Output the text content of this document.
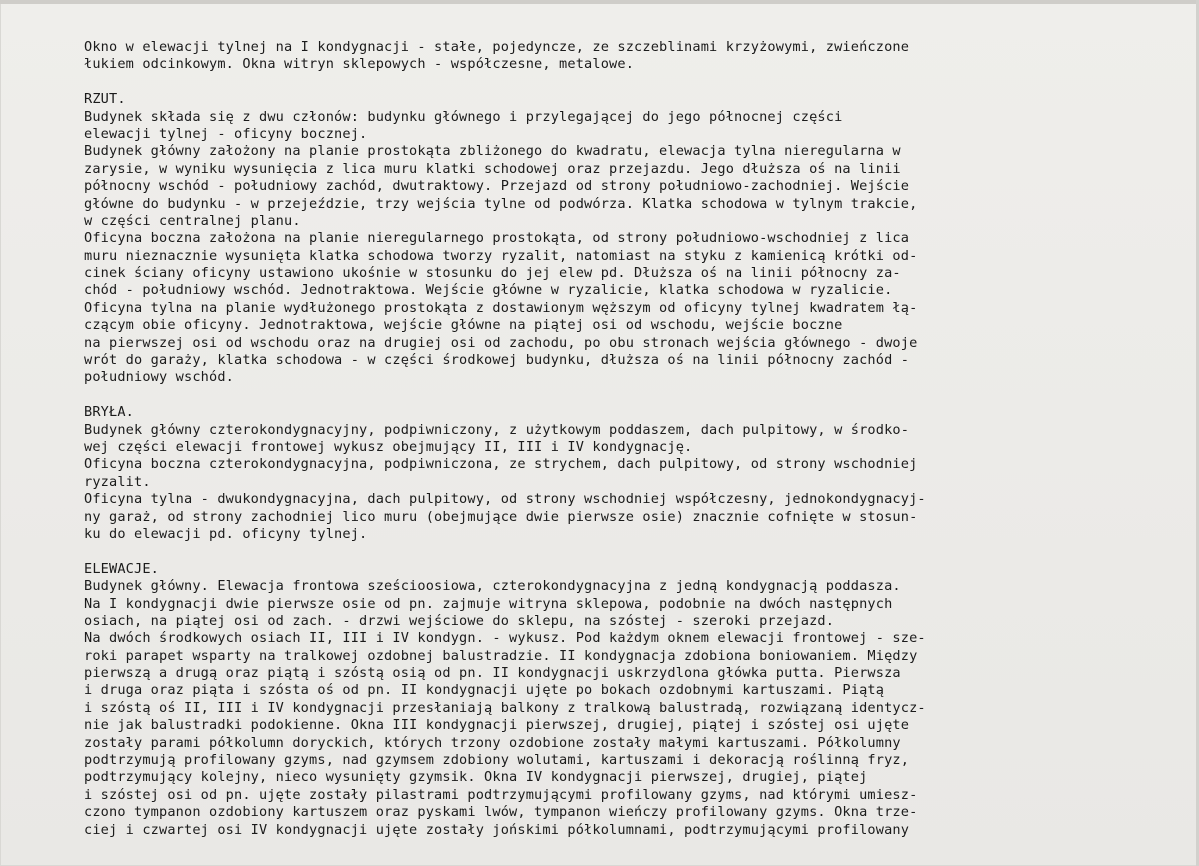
Okno w elewacji tylnej na I kondygnacji - stałe, pojedyncze, ze szczeblinami krzyżowymi, zwieńczone
łukiem odcinkowym. Okna witryn sklepowych - współczesne, metalowe.
RZUT.
Budynek składa się z dwu członów: budynku głównego i przylegającej do jego północnej części
elewacji tylnej - oficyny bocznej.
Budynek główny założony na planie prostokąta zbliżonego do kwadratu, elewacja tylna nieregularna w
zarysie, w wyniku wysunięcia z lica muru klatki schodowej oraz przejazdu. Jego dłuższa oś na linii
północny wschód - południowy zachód, dwutraktowy. Przejazd od strony południowo-zachodniej. Wejście
główne do budynku - w przejeździe, trzy wejścia tylne od podwórza. Klatka schodowa w tylnym trakcie,
w części centralnej planu.
Oficyna boczna założona na planie nieregularnego prostokąta, od strony południowo-wschodniej z lica
muru nieznacznie wysunięta klatka schodowa tworzy ryzalit, natomiast na styku z kamienicą krótki od-
cinek ściany oficyny ustawiono ukośnie w stosunku do jej elew pd. Dłuższa oś na linii północny za-
chód - południowy wschód. Jednotraktowa. Wejście główne w ryzalicie, klatka schodowa w ryzalicie.
Oficyna tylna na planie wydłużonego prostokąta z dostawionym węższym od oficyny tylnej kwadratem łą-
czącym obie oficyny. Jednotraktowa, wejście główne na piątej osi od wschodu, wejście boczne
na pierwszej osi od wschodu oraz na drugiej osi od zachodu, po obu stronach wejścia głównego - dwoje
wrót do garaży, klatka schodowa - w części środkowej budynku, dłuższa oś na linii północny zachód -
południowy wschód.
BRYŁA.
Budynek główny czterokondygnacyjny, podpiwniczony, z użytkowym poddaszem, dach pulpitowy, w środko-
wej części elewacji frontowej wykusz obejmujący II, III i IV kondygnację.
Oficyna boczna czterokondygnacyjna, podpiwniczona, ze strychem, dach pulpitowy, od strony wschodniej
ryzalit.
Oficyna tylna - dwukondygnacyjna, dach pulpitowy, od strony wschodniej współczesny, jednokondygnacyj-
ny garaż, od strony zachodniej lico muru (obejmujące dwie pierwsze osie) znacznie cofnięte w stosun-
ku do elewacji pd. oficyny tylnej.
ELEWACJE.
Budynek główny. Elewacja frontowa sześcioosiowa, czterokondygnacyjna z jedną kondygnacją poddasza.
Na I kondygnacji dwie pierwsze osie od pn. zajmuje witryna sklepowa, podobnie na dwóch następnych
osiach, na piątej osi od zach. - drzwi wejściowe do sklepu, na szóstej - szeroki przejazd.
Na dwóch środkowych osiach II, III i IV kondygn. - wykusz. Pod każdym oknem elewacji frontowej - sze-
roki parapet wsparty na tralkowej ozdobnej balustradzie. II kondygnacja zdobiona boniowaniem. Między
pierwszą a drugą oraz piątą i szóstą osią od pn. II kondygnacji uskrzydlona główka putta. Pierwsza
i druga oraz piąta i szósta oś od pn. II kondygnacji ujęte po bokach ozdobnymi kartuszami. Piątą
i szóstą oś II, III i IV kondygnacji przesłaniają balkony z tralkową balustradą, rozwiązaną identycz-
nie jak balustradki podokienne. Okna III kondygnacji pierwszej, drugiej, piątej i szóstej osi ujęte
zostały parami półkolumn doryckich, których trzony ozdobione zostały małymi kartuszami. Półkolumny
podtrzymują profilowany gzyms, nad gzymsem zdobiony wolutami, kartuszami i dekoracją roślinną fryz,
podtrzymujący kolejny, nieco wysunięty gzymsik. Okna IV kondygnacji pierwszej, drugiej, piątej
i szóstej osi od pn. ujęte zostały pilastrami podtrzymującymi profilowany gzyms, nad którymi umiesz-
czono tympanon ozdobiony kartuszem oraz pyskami lwów, tympanon wieńczy profilowany gzyms. Okna trze-
ciej i czwartej osi IV kondygnacji ujęte zostały jońskimi półkolumnami, podtrzymującymi profilowany
